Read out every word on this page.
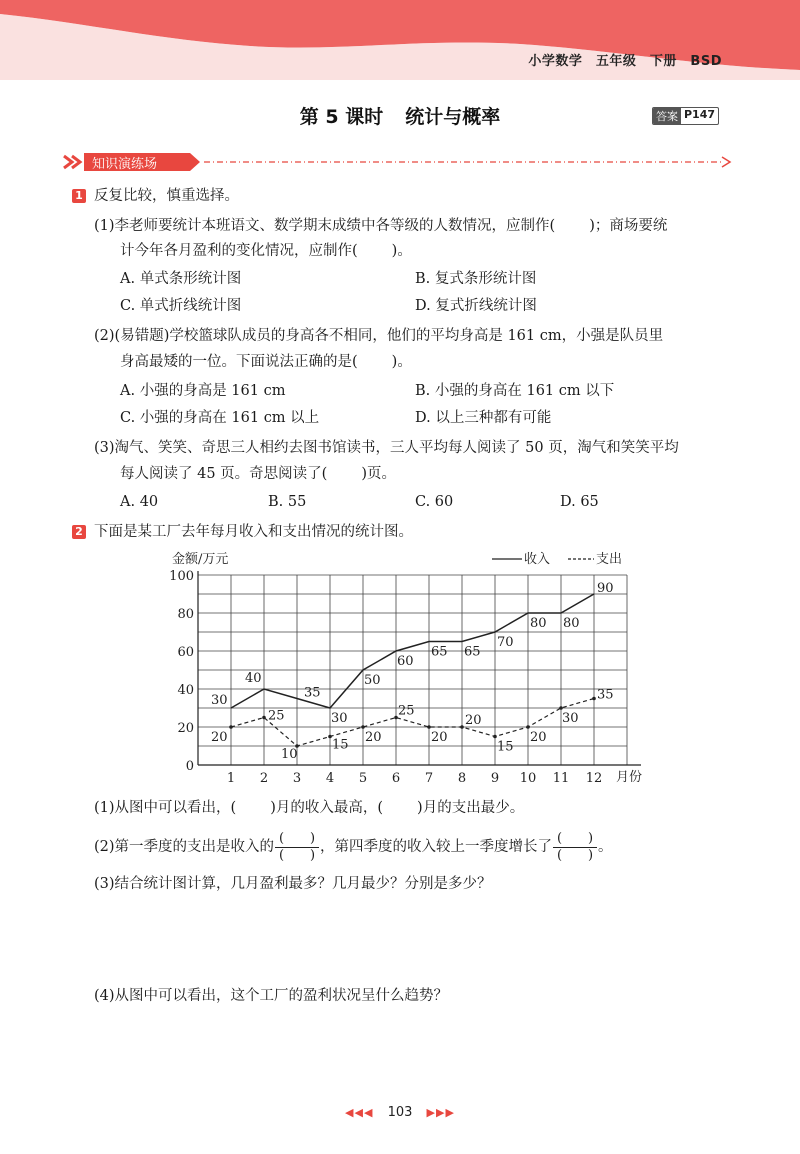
小学数学　五年级　下册　BSD
第 5 课时 统计与概率	答案 P147
知识演练场
1 反复比较，慎重选择。
(1)李老师要统计本班语文、数学期末成绩中各等级的人数情况，应制作( )；商场要统
计今年各月盈利的变化情况，应制作( )。
A. 单式条形统计图	B. 复式条形统计图
C. 单式折线统计图	D. 复式折线统计图
(2)(易错题)学校篮球队成员的身高各不相同，他们的平均身高是 161 cm，小强是队员里
身高最矮的一位。下面说法正确的是( )。
A. 小强的身高是 161 cm	B. 小强的身高在 161 cm 以下
C. 小强的身高在 161 cm 以上	D. 以上三种都有可能
(3)淘气、笑笑、奇思三人相约去图书馆读书，三人平均每人阅读了 50 页，淘气和笑笑平均
每人阅读了 45 页。奇思阅读了( )页。
A. 40	B. 55	C. 60	D. 65
2 下面是某工厂去年每月收入和支出情况的统计图。
金额/万元	收入	支出
0
20
40
60
80
100
1 2 3 4 5 6 7 8 9 10 11 12
30
20
40
25
35
10
30
15
50
20
60
25
65
20
65
20
70
15
80
20
80
30
90
35
月份
(1)从图中可以看出，( )月的收入最高，( )月的支出最少。
(2)第一季度的支出是收入的 $\frac{( )}{( )}$ ，第四季度的收入较上一季度增长了 $\frac{( )}{( )}$ 。
(3)结合统计图计算，几月盈利最多？几月最少？分别是多少？
(4)从图中可以看出，这个工厂的盈利状况呈什么趋势？
◀◀◀ 103 ▶▶▶
